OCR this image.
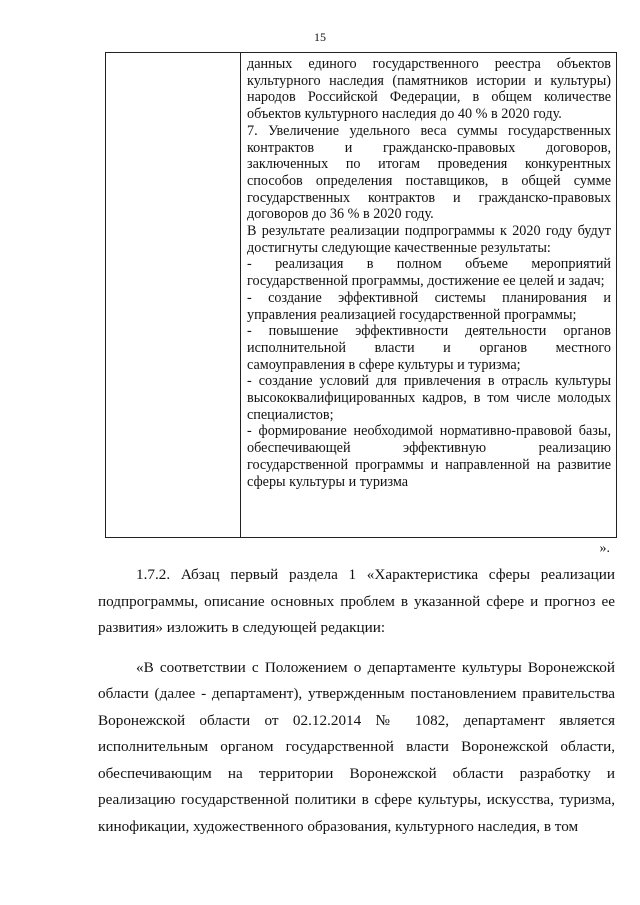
15

данных единого государственного реестра объектов культурного наследия (памятников истории и культуры) народов Российской Федерации, в общем количестве объектов культурного наследия до 40 % в 2020 году.

7. Увеличение удельного веса суммы государственных контрактов и гражданско-правовых договоров, заключенных по итогам проведения конкурентных способов определения поставщиков, в общей сумме государственных контрактов и гражданско-правовых договоров до 36 % в 2020 году.

В результате реализации подпрограммы к 2020 году будут достигнуты следующие качественные результаты:

- реализация в полном объеме мероприятий государственной программы, достижение ее целей и задач;

- создание эффективной системы планирования и управления реализацией государственной программы;

- повышение эффективности деятельности органов исполнительной власти и органов местного самоуправления в сфере культуры и туризма;

- создание условий для привлечения в отрасль культуры высококвалифицированных кадров, в том числе молодых специалистов;

- формирование необходимой нормативно-правовой базы, обеспечивающей эффективную реализацию государственной программы и направленной на развитие сферы культуры и туризма

».

1.7.2. Абзац первый раздела 1 «Характеристика сферы реализации подпрограммы, описание основных проблем в указанной сфере и прогноз ее развития» изложить в следующей редакции:

«В соответствии с Положением о департаменте культуры Воронежской области (далее - департамент), утвержденным постановлением правительства Воронежской области от 02.12.2014 № 1082, департамент является исполнительным органом государственной власти Воронежской области, обеспечивающим на территории Воронежской области разработку и реализацию государственной политики в сфере культуры, искусства, туризма, кинофикации, художественного образования, культурного наследия, в том
